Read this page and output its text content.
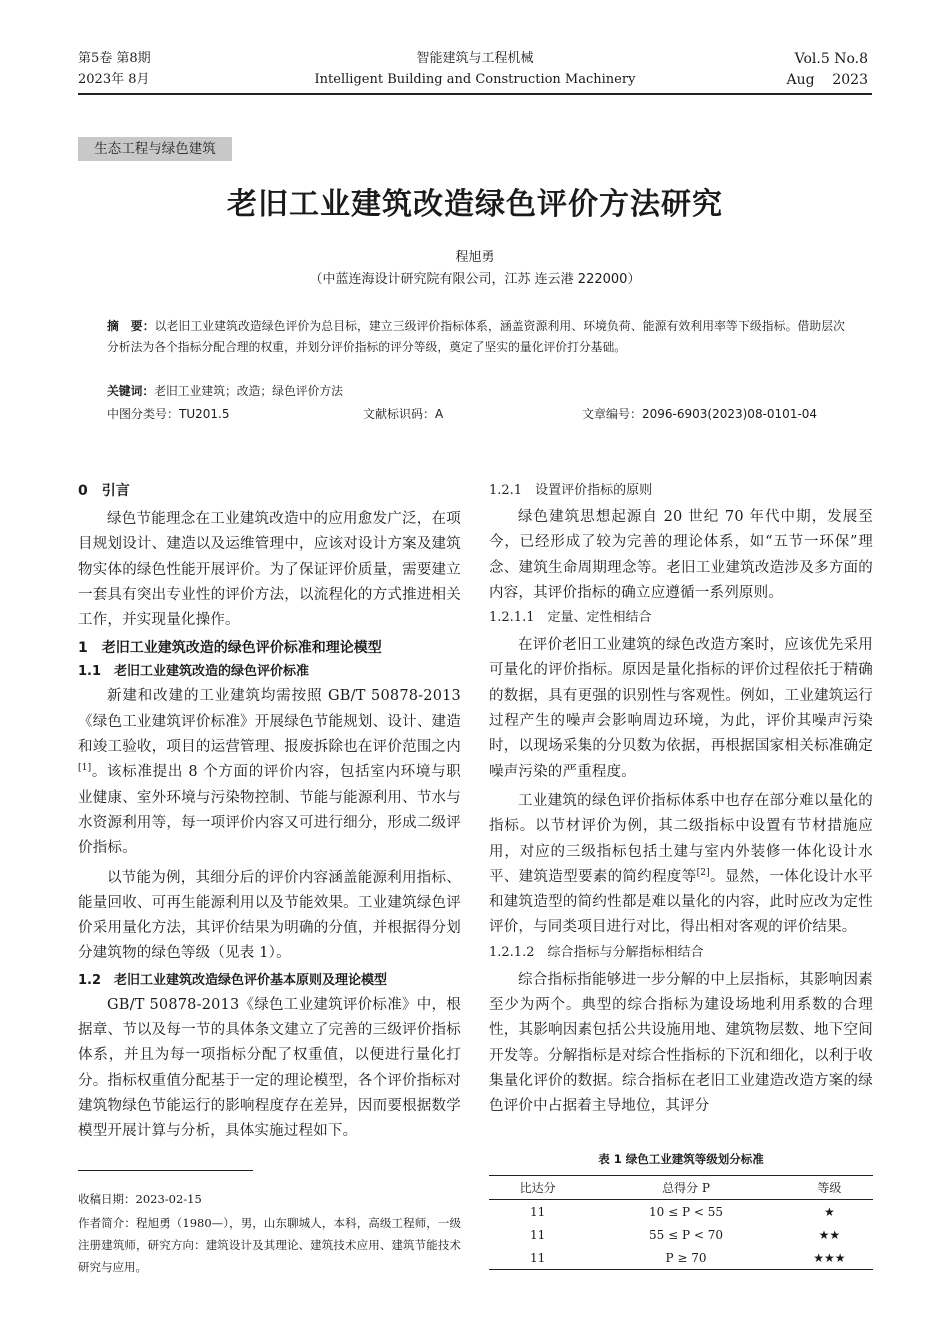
第5卷 第8期
2023年 8月
智能建筑与工程机械
Intelligent Building and Construction Machinery
Vol.5 No.8
Aug    2023
生态工程与绿色建筑
老旧工业建筑改造绿色评价方法研究
程旭勇
（中蓝连海设计研究院有限公司，江苏 连云港 222000）
摘　要：以老旧工业建筑改造绿色评价为总目标，建立三级评价指标体系，涵盖资源利用、环境负荷、能源有效利用率等下级指标。借助层次分析法为各个指标分配合理的权重，并划分评价指标的评分等级，奠定了坚实的量化评价打分基础。
关键词：老旧工业建筑；改造；绿色评价方法
中图分类号：TU201.5	文献标识码：A	文章编号：2096-6903(2023)08-0101-04
0　引言

绿色节能理念在工业建筑改造中的应用愈发广泛，在项目规划设计、建造以及运维管理中，应该对设计方案及建筑物实体的绿色性能开展评价。为了保证评价质量，需要建立一套具有突出专业性的评价方法，以流程化的方式推进相关工作，并实现量化操作。

1　老旧工业建筑改造的绿色评价标准和理论模型
1.1　老旧工业建筑改造的绿色评价标准

新建和改建的工业建筑均需按照 GB/T 50878-2013《绿色工业建筑评价标准》开展绿色节能规划、设计、建造和竣工验收，项目的运营管理、报废拆除也在评价范围之内[1]。该标准提出 8 个方面的评价内容，包括室内环境与职业健康、室外环境与污染物控制、节能与能源利用、节水与水资源利用等，每一项评价内容又可进行细分，形成二级评价指标。

以节能为例，其细分后的评价内容涵盖能源利用指标、能量回收、可再生能源利用以及节能效果。工业建筑绿色评价采用量化方法，其评价结果为明确的分值，并根据得分划分建筑物的绿色等级（见表 1）。

1.2　老旧工业建筑改造绿色评价基本原则及理论模型

GB/T 50878-2013《绿色工业建筑评价标准》中，根据章、节以及每一节的具体条文建立了完善的三级评价指标体系，并且为每一项指标分配了权重值，以便进行量化打分。指标权重值分配基于一定的理论模型，各个评价指标对建筑物绿色节能运行的影响程度存在差异，因而要根据数学模型开展计算与分析，具体实施过程如下。

收稿日期：2023-02-15
作者简介：程旭勇（1980—），男，山东聊城人，本科，高级工程师，一级注册建筑师，研究方向：建筑设计及其理论、建筑技术应用、建筑节能技术研究与应用。
1.2.1　设置评价指标的原则

绿色建筑思想起源自 20 世纪 70 年代中期，发展至今，已经形成了较为完善的理论体系，如“五节一环保”理念、建筑生命周期理念等。老旧工业建筑改造涉及多方面的内容，其评价指标的确立应遵循一系列原则。

1.2.1.1　定量、定性相结合

在评价老旧工业建筑的绿色改造方案时，应该优先采用可量化的评价指标。原因是量化指标的评价过程依托于精确的数据，具有更强的识别性与客观性。例如，工业建筑运行过程产生的噪声会影响周边环境，为此，评价其噪声污染时，以现场采集的分贝数为依据，再根据国家相关标准确定噪声污染的严重程度。

工业建筑的绿色评价指标体系中也存在部分难以量化的指标。以节材评价为例，其二级指标中设置有节材措施应用，对应的三级指标包括土建与室内外装修一体化设计水平、建筑造型要素的简约程度等[2]。显然，一体化设计水平和建筑造型的简约性都是难以量化的内容，此时应改为定性评价，与同类项目进行对比，得出相对客观的评价结果。

1.2.1.2　综合指标与分解指标相结合

综合指标指能够进一步分解的中上层指标，其影响因素至少为两个。典型的综合指标为建设场地利用系数的合理性，其影响因素包括公共设施用地、建筑物层数、地下空间开发等。分解指标是对综合性指标的下沉和细化，以利于收集量化评价的数据。综合指标在老旧工业建造改造方案的绿色评价中占据着主导地位，其评分

表 1 绿色工业建筑等级划分标准
比达分	总得分 P	等级
11	10 ≤ P < 55	★
11	55 ≤ P < 70	★★
11	P ≥ 70	★★★
